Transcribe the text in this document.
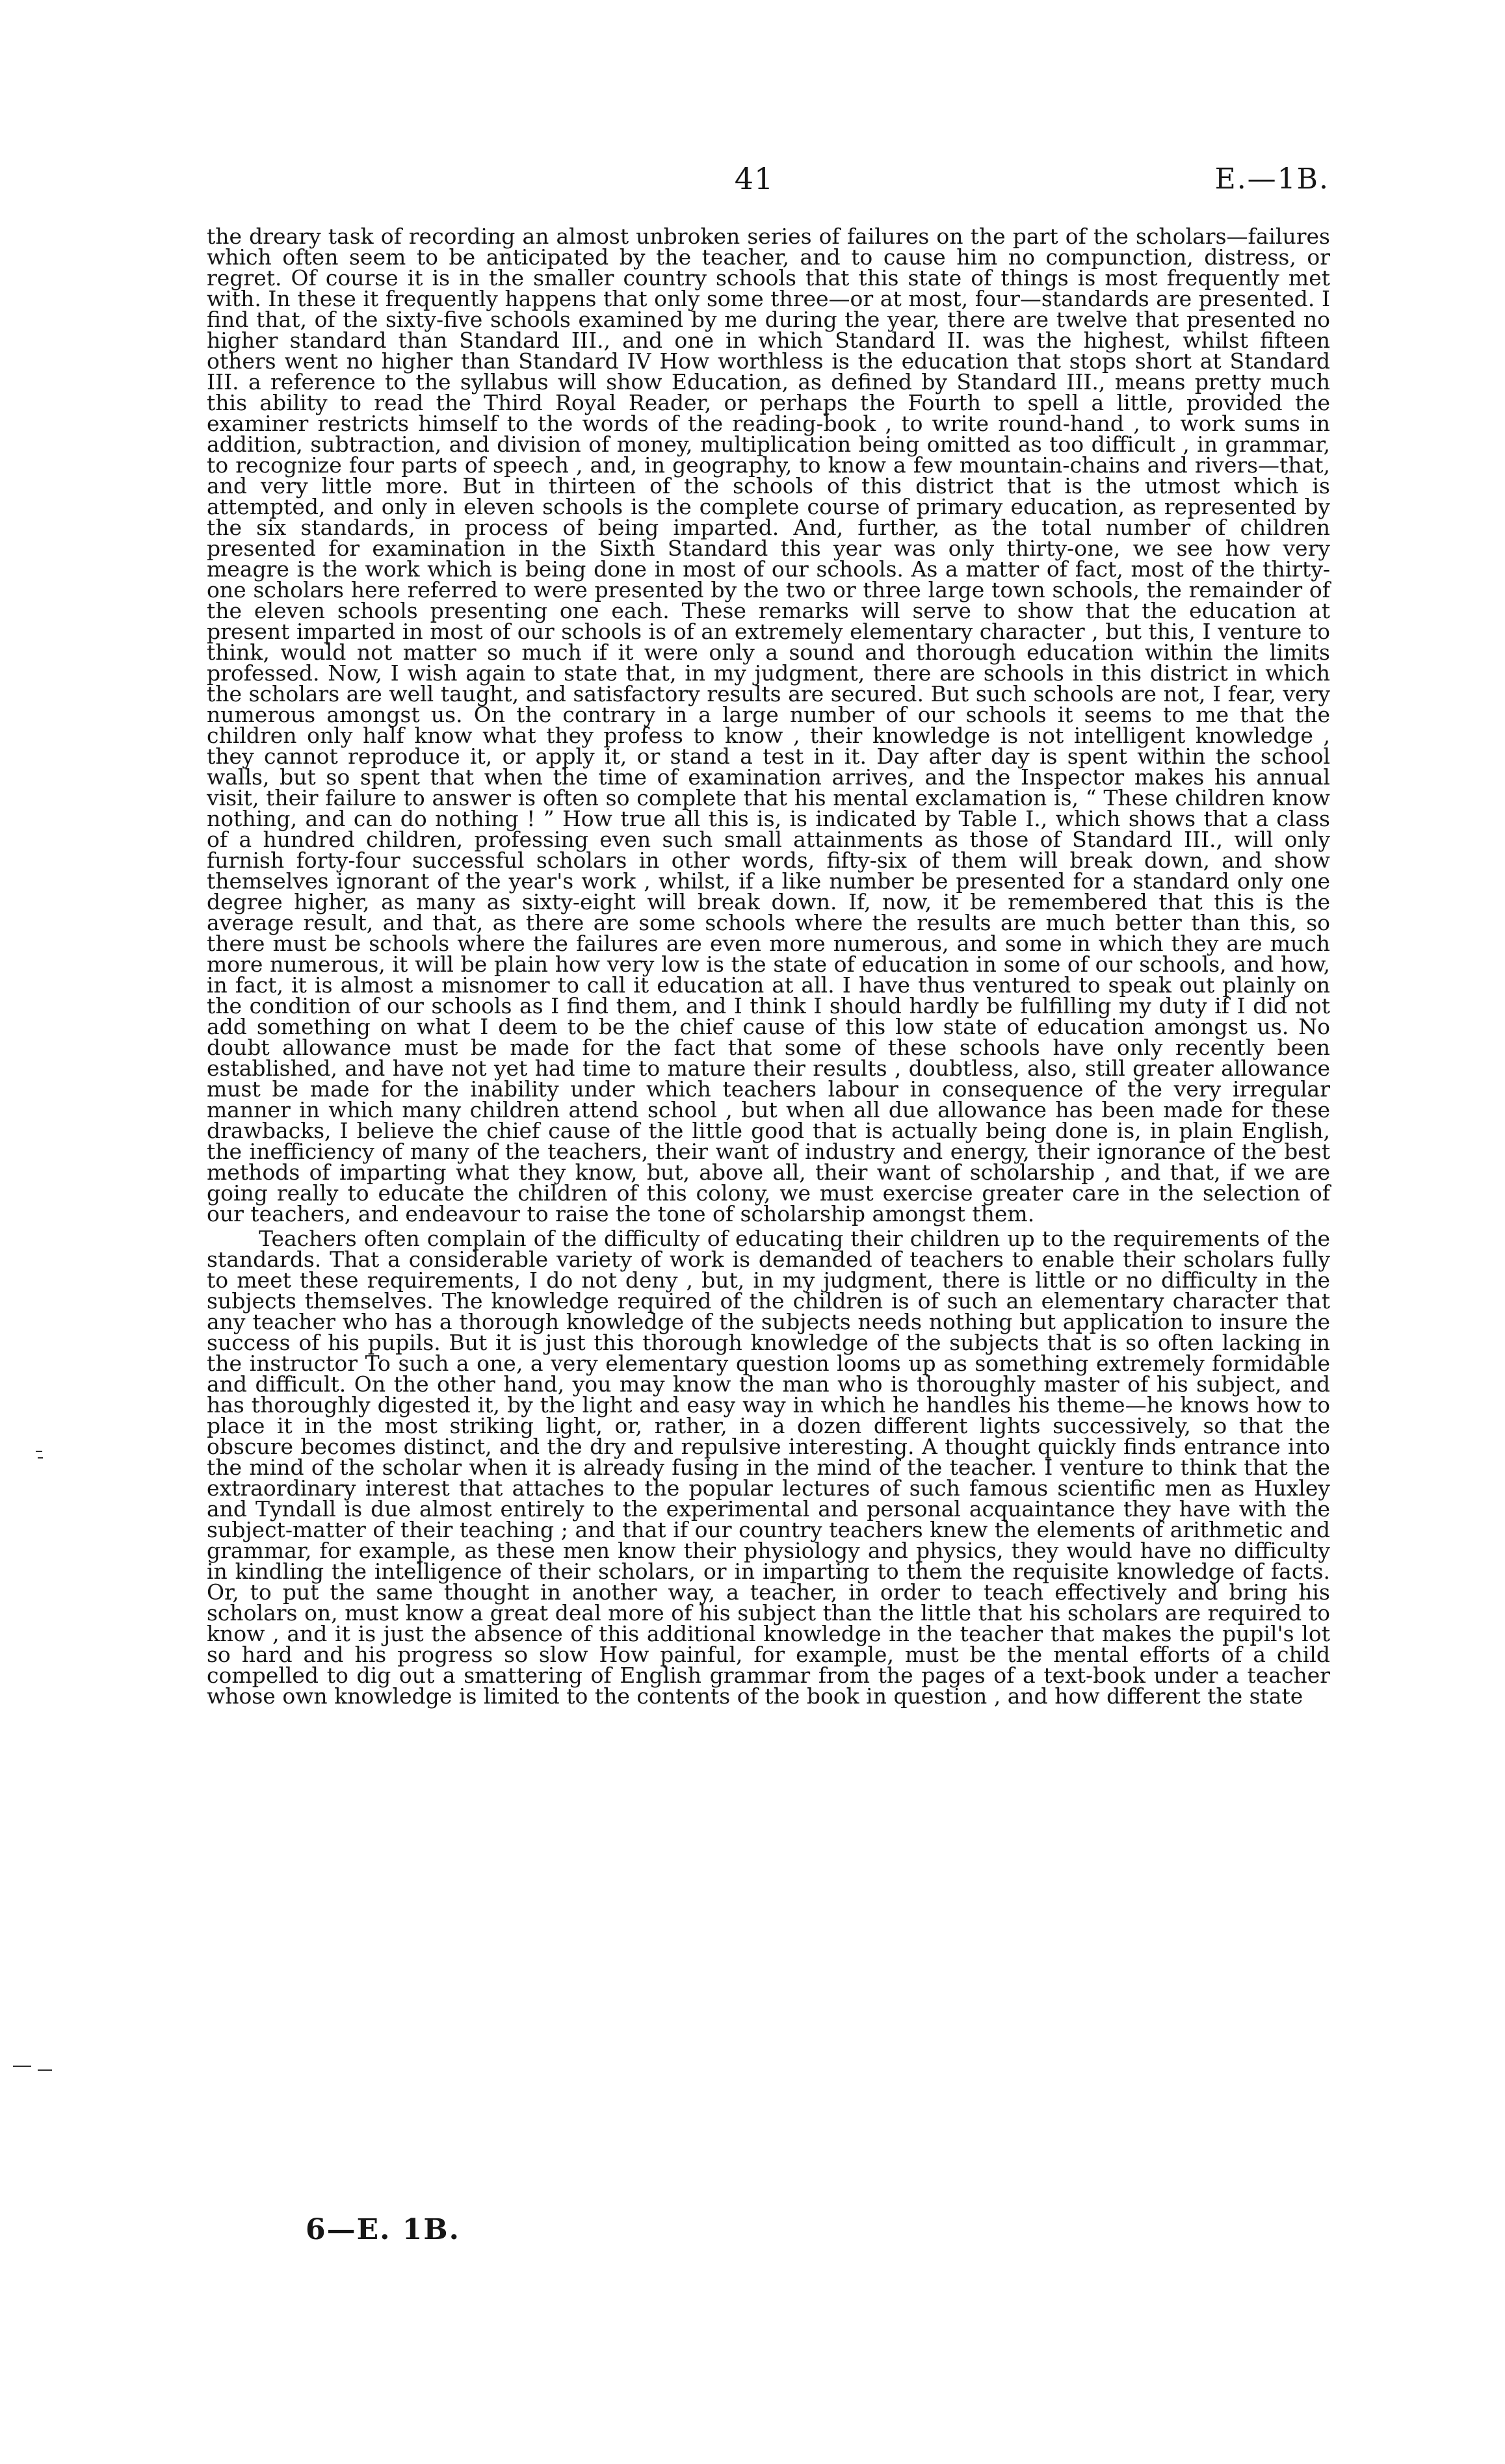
41	E.—1B.

the dreary task of recording an almost unbroken series of failures on the part of the scholars—failures which often seem to be anticipated by the teacher, and to cause him no compunction, distress, or regret. Of course it is in the smaller country schools that this state of things is most frequently met with. In these it frequently happens that only some three—or at most, four—standards are presented. I find that, of the sixty-five schools examined by me during the year, there are twelve that presented no higher standard than Standard III., and one in which Standard II. was the highest, whilst fifteen others went no higher than Standard IV How worthless is the education that stops short at Standard III. a reference to the syllabus will show Education, as defined by Standard III., means pretty much this ability to read the Third Royal Reader, or perhaps the Fourth to spell a little, provided the examiner restricts himself to the words of the reading-book , to write round-hand , to work sums in addition, subtraction, and division of money, multiplication being omitted as too difficult , in grammar, to recognize four parts of speech , and, in geography, to know a few mountain-chains and rivers—that, and very little more. But in thirteen of the schools of this district that is the utmost which is attempted, and only in eleven schools is the complete course of primary education, as represented by the six standards, in process of being imparted. And, further, as the total number of children presented for examination in the Sixth Standard this year was only thirty-one, we see how very meagre is the work which is being done in most of our schools. As a matter of fact, most of the thirty-one scholars here referred to were presented by the two or three large town schools, the remainder of the eleven schools presenting one each. These remarks will serve to show that the education at present imparted in most of our schools is of an extremely elementary character , but this, I venture to think, would not matter so much if it were only a sound and thorough education within the limits professed. Now, I wish again to state that, in my judgment, there are schools in this district in which the scholars are well taught, and satisfactory results are secured. But such schools are not, I fear, very numerous amongst us. On the contrary in a large number of our schools it seems to me that the children only half know what they profess to know , their knowledge is not intelligent knowledge , they cannot reproduce it, or apply it, or stand a test in it. Day after day is spent within the school walls, but so spent that when the time of examination arrives, and the Inspector makes his annual visit, their failure to answer is often so complete that his mental exclamation is, “ These children know nothing, and can do nothing ! ” How true all this is, is indicated by Table I., which shows that a class of a hundred children, professing even such small attainments as those of Standard III., will only furnish forty-four successful scholars in other words, fifty-six of them will break down, and show themselves ignorant of the year's work , whilst, if a like number be presented for a standard only one degree higher, as many as sixty-eight will break down. If, now, it be remembered that this is the average result, and that, as there are some schools where the results are much better than this, so there must be schools where the failures are even more numerous, and some in which they are much more numerous, it will be plain how very low is the state of education in some of our schools, and how, in fact, it is almost a misnomer to call it education at all. I have thus ventured to speak out plainly on the condition of our schools as I find them, and I think I should hardly be fulfilling my duty if I did not add something on what I deem to be the chief cause of this low state of education amongst us. No doubt allowance must be made for the fact that some of these schools have only recently been established, and have not yet had time to mature their results , doubtless, also, still greater allowance must be made for the inability under which teachers labour in consequence of the very irregular manner in which many children attend school , but when all due allowance has been made for these drawbacks, I believe the chief cause of the little good that is actually being done is, in plain English, the inefficiency of many of the teachers, their want of industry and energy, their ignorance of the best methods of imparting what they know, but, above all, their want of scholarship , and that, if we are going really to educate the children of this colony, we must exercise greater care in the selection of our teachers, and endeavour to raise the tone of scholarship amongst them.

Teachers often complain of the difficulty of educating their children up to the requirements of the standards. That a considerable variety of work is demanded of teachers to enable their scholars fully to meet these requirements, I do not deny , but, in my judgment, there is little or no difficulty in the subjects themselves. The knowledge required of the children is of such an elementary character that any teacher who has a thorough knowledge of the subjects needs nothing but application to insure the success of his pupils. But it is just this thorough knowledge of the subjects that is so often lacking in the instructor To such a one, a very elementary question looms up as something extremely formidable and difficult. On the other hand, you may know the man who is thoroughly master of his subject, and has thoroughly digested it, by the light and easy way in which he handles his theme—he knows how to place it in the most striking light, or, rather, in a dozen different lights successively, so that the obscure becomes distinct, and the dry and repulsive interesting. A thought quickly finds entrance into the mind of the scholar when it is already fusing in the mind of the teacher. I venture to think that the extraordinary interest that attaches to the popular lectures of such famous scientific men as Huxley and Tyndall is due almost entirely to the experimental and personal acquaintance they have with the subject-matter of their teaching ; and that if our country teachers knew the elements of arithmetic and grammar, for example, as these men know their physiology and physics, they would have no difficulty in kindling the intelligence of their scholars, or in imparting to them the requisite knowledge of facts. Or, to put the same thought in another way, a teacher, in order to teach effectively and bring his scholars on, must know a great deal more of his subject than the little that his scholars are required to know , and it is just the absence of this additional knowledge in the teacher that makes the pupil's lot so hard and his progress so slow How painful, for example, must be the mental efforts of a child compelled to dig out a smattering of English grammar from the pages of a text-book under a teacher whose own knowledge is limited to the contents of the book in question , and how different the state

6—E. 1B.
